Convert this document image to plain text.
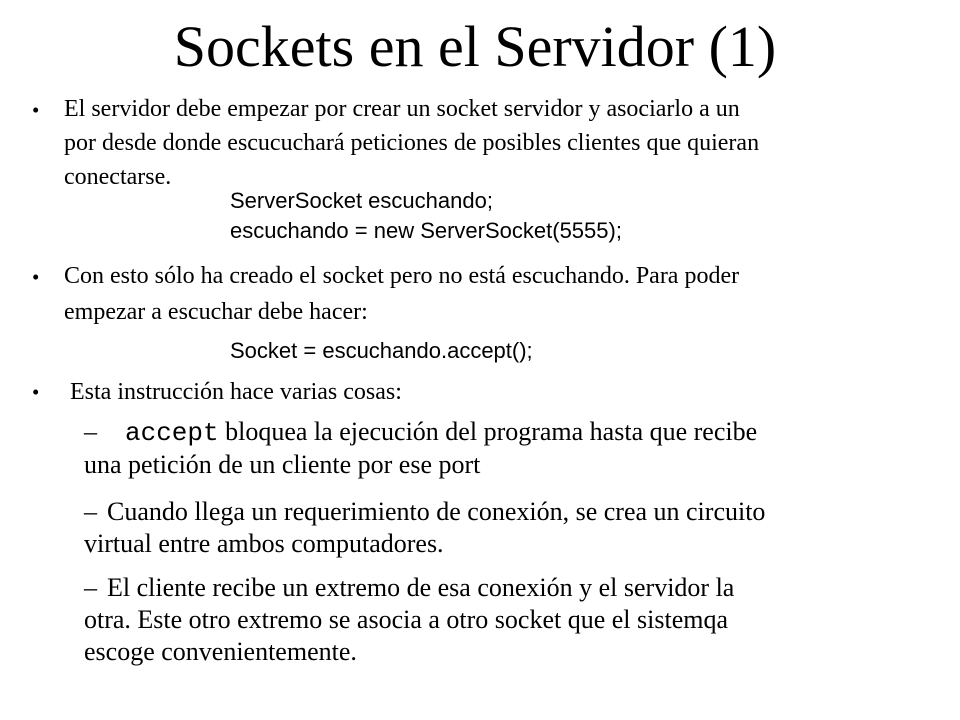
Sockets en el Servidor (1)
• El servidor debe empezar por crear un socket servidor y asociarlo a un
por desde donde escucuchará peticiones de posibles clientes que quieran
conectarse.
ServerSocket escuchando;
escuchando = new ServerSocket(5555);
• Con esto sólo ha creado el socket pero no está escuchando. Para poder
empezar a escuchar debe hacer:
Socket = escuchando.accept();
• Esta instrucción hace varias cosas:
– accept bloquea la ejecución del programa hasta que recibe
una petición de un cliente por ese port
– Cuando llega un requerimiento de conexión, se crea un circuito
virtual entre ambos computadores.
– El cliente recibe un extremo de esa conexión y el servidor la
otra. Este otro extremo se asocia a otro socket que el sistemqa
escoge convenientemente.
